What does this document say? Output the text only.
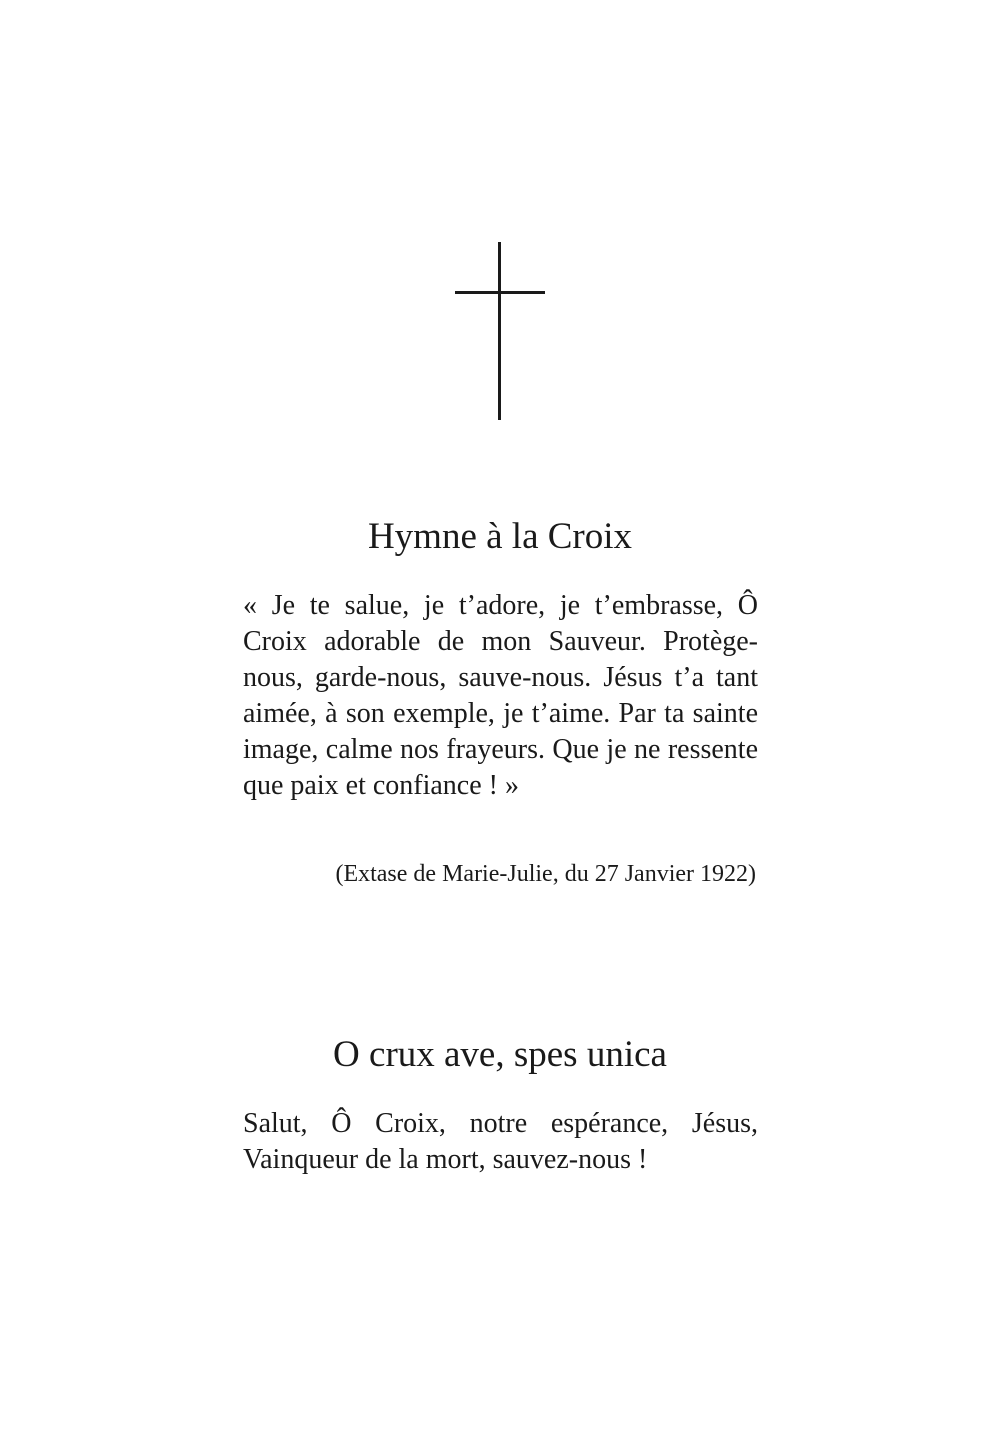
Hymne à la Croix

« Je te salue, je t’adore, je t’embrasse, Ô Croix adorable de mon Sauveur. Protège-nous, garde-nous, sauve-nous. Jésus t’a tant aimée, à son exemple, je t’aime. Par ta sainte image, calme nos frayeurs. Que je ne ressente que paix et confiance ! »

(Extase de Marie-Julie, du 27 Janvier 1922)

O crux ave, spes unica

Salut, Ô Croix, notre espérance, Jésus, Vainqueur de la mort, sauvez-nous !
